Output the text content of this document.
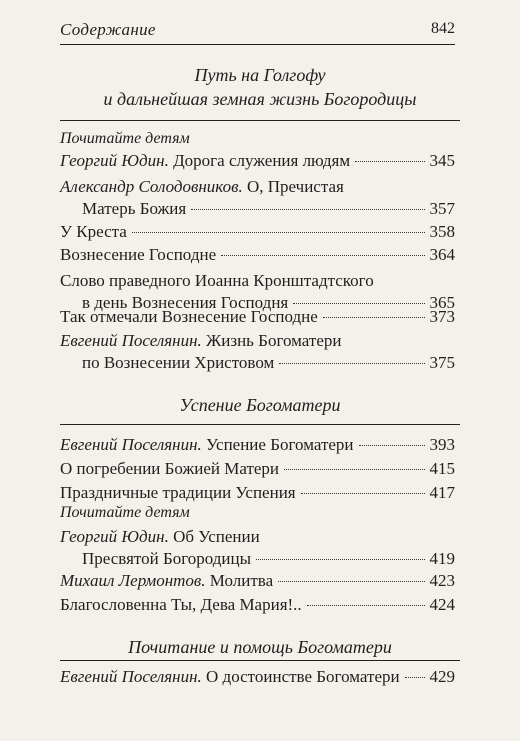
Содержание	842
Путь на Голгофу
и дальнейшая земная жизнь Богородицы
Почитайте детям
Георгий Юдин. Дорога служения людям	345
Александр Солодовников. О, Пречистая
Матерь Божия	357
У Креста	358
Вознесение Господне	364
Слово праведного Иоанна Кронштадтского
в день Вознесения Господня	365
Так отмечали Вознесение Господне	373
Евгений Поселянин. Жизнь Богоматери
по Вознесении Христовом	375
Успение Богоматери
Евгений Поселянин. Успение Богоматери	393
О погребении Божией Матери	415
Праздничные традиции Успения	417
Почитайте детям
Георгий Юдин. Об Успении
Пресвятой Богородицы	419
Михаил Лермонтов. Молитва	423
Благословенна Ты, Дева Мария!..	424
Почитание и помощь Богоматери
Евгений Поселянин. О достоинстве Богоматери 429
